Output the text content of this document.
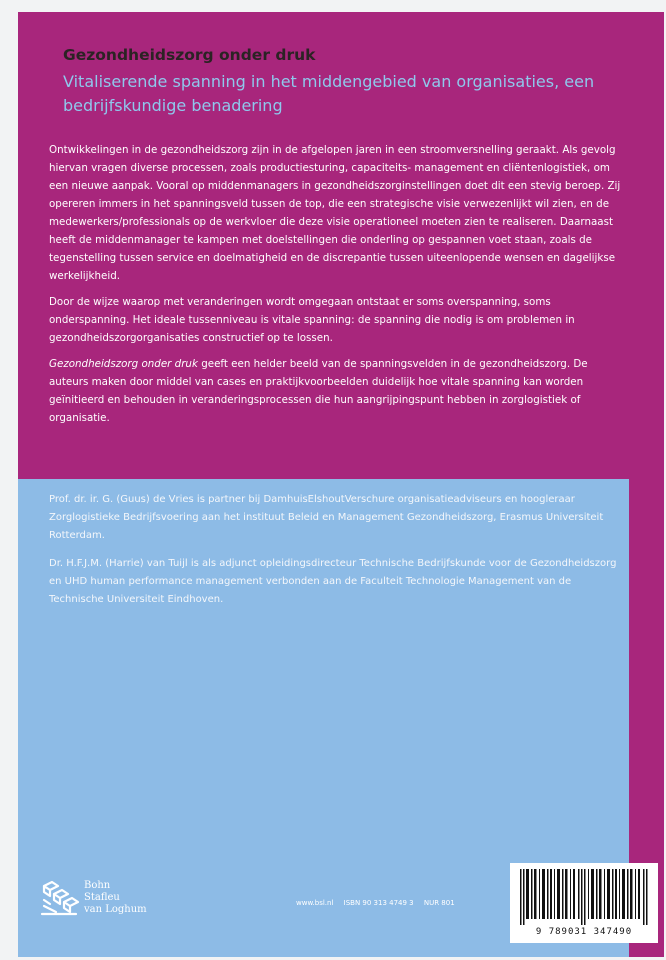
Gezondheidszorg onder druk
Vitaliserende spanning in het middengebied van organisaties, een bedrijfskundige benadering

Ontwikkelingen in de gezondheidszorg zijn in de afgelopen jaren in een stroomversnelling geraakt. Als gevolg hiervan vragen diverse processen, zoals productiesturing, capaciteits- management en cliëntenlogistiek, om een nieuwe aanpak. Vooral op middenmanagers in gezondheidszorginstellingen doet dit een stevig beroep. Zij opereren immers in het spanningsveld tussen de top, die een strategische visie verwezenlijkt wil zien, en de medewerkers/professionals op de werkvloer die deze visie operationeel moeten zien te realiseren. Daarnaast heeft de middenmanager te kampen met doelstellingen die onderling op gespannen voet staan, zoals de tegenstelling tussen service en doelmatigheid en de discrepantie tussen uiteenlopende wensen en dagelijkse werkelijkheid.

Door de wijze waarop met veranderingen wordt omgegaan ontstaat er soms overspanning, soms onderspanning. Het ideale tussenniveau is vitale spanning: de spanning die nodig is om problemen in gezondheidszorgorganisaties constructief op te lossen.

Gezondheidszorg onder druk geeft een helder beeld van de spanningsvelden in de gezondheidszorg. De auteurs maken door middel van cases en praktijkvoorbeelden duidelijk hoe vitale spanning kan worden geïnitieerd en behouden in veranderingsprocessen die hun aangrijpingspunt hebben in zorglogistiek of organisatie.

Prof. dr. ir. G. (Guus) de Vries is partner bij DamhuisElshoutVerschure organisatieadviseurs en hoogleraar Zorglogistieke Bedrijfsvoering aan het instituut Beleid en Management Gezondheidszorg, Erasmus Universiteit Rotterdam.

Dr. H.F.J.M. (Harrie) van Tuijl is als adjunct opleidingsdirecteur Technische Bedrijfskunde voor de Gezondheidszorg en UHD human performance management verbonden aan de Faculteit Technologie Management van de Technische Universiteit Eindhoven.

Bohn
Stafleu
van Loghum
www.bsl.nl ISBN 90 313 4749 3 NUR 801
9 789031 347490
